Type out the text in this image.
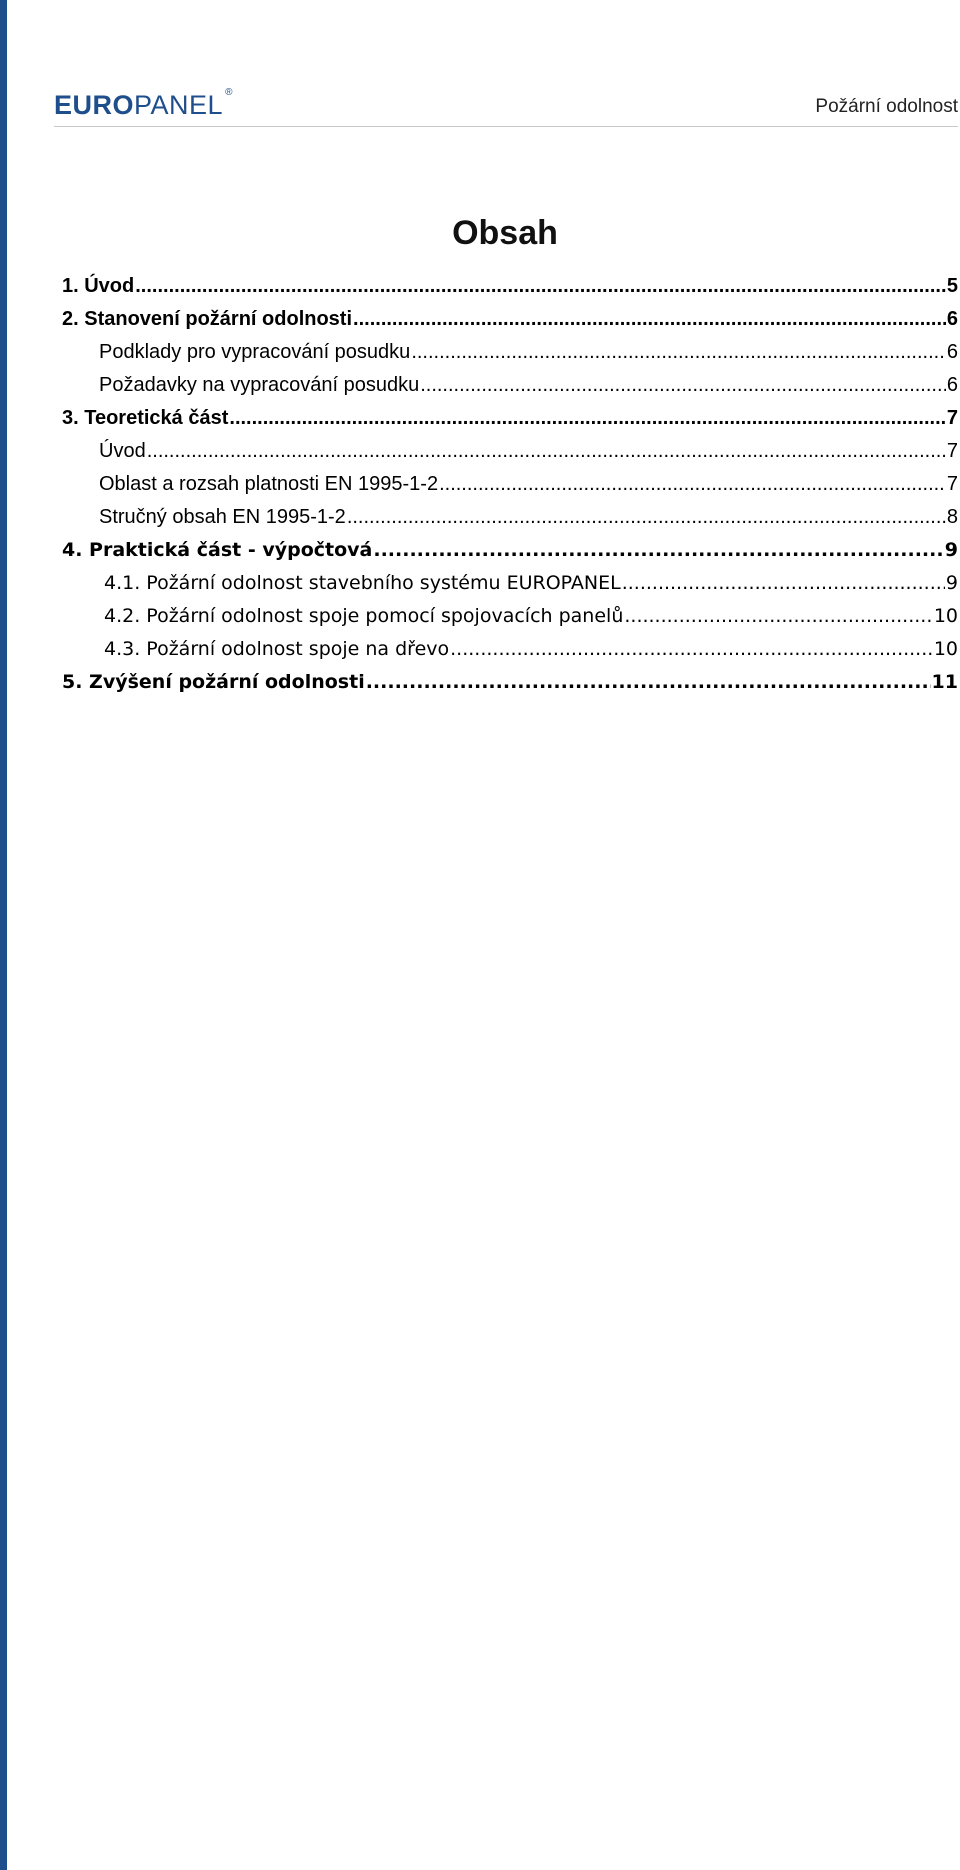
EUROPANEL ®
Požární odolnost
Obsah
1. Úvod .....	5
2. Stanovení požární odolnosti .....	6
Podklady pro vypracování posudku .....	6
Požadavky na vypracování posudku .....	6
3. Teoretická část .....	7
Úvod .....	7
Oblast a rozsah platnosti EN 1995-1-2 .....	7
Stručný obsah EN 1995-1-2 .....	8
4. Praktická část - výpočtová .....	9
4.1. Požární odolnost stavebního systému EUROPANEL .....	9
4.2. Požární odolnost spoje pomocí spojovacích panelů .....	10
4.3. Požární odolnost spoje na dřevo .....	10
5. Zvýšení požární odolnosti .....	11
